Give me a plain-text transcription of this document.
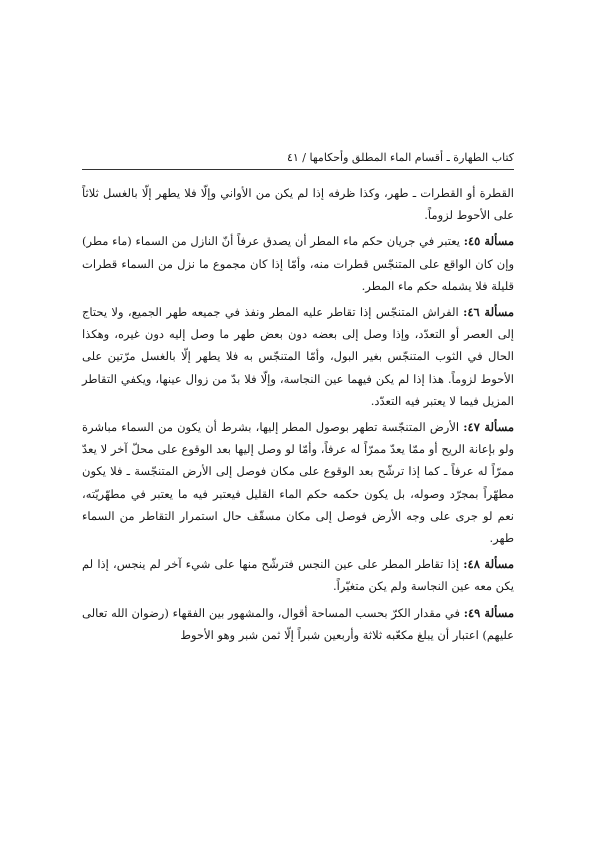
كتاب الطهارة ـ أقسام الماء المطلق وأحكامها / ٤١

القطرة أو القطرات ـ طهر، وكذا ظرفه إذا لم يكن من الأواني وإلّا فلا يطهر إلّا بالغسل ثلاثاً على الأحوط لزوماً.

مسألة ٤٥: يعتبر في جريان حكم ماء المطر أن يصدق عرفاً أنّ النازل من السماء (ماء مطر) وإن كان الواقع على المتنجّس قطرات منه، وأمّا إذا كان مجموع ما نزل من السماء قطرات قليلة فلا يشمله حكم ماء المطر.

مسألة ٤٦: الفراش المتنجّس إذا تقاطر عليه المطر ونفذ في جميعه طهر الجميع، ولا يحتاج إلى العصر أو التعدّد، وإذا وصل إلى بعضه دون بعض طهر ما وصل إليه دون غيره، وهكذا الحال في الثوب المتنجّس بغير البول، وأمّا المتنجّس به فلا يطهر إلّا بالغسل مرّتين على الأحوط لزوماً. هذا إذا لم يكن فيهما عين النجاسة، وإلّا فلا بدّ من زوال عينها، ويكفي التقاطر المزيل فيما لا يعتبر فيه التعدّد.

مسألة ٤٧: الأرض المتنجّسة تطهر بوصول المطر إليها، بشرط أن يكون من السماء مباشرة ولو بإعانة الريح أو ممّا يعدّ ممرّاً له عرفاً، وأمّا لو وصل إليها بعد الوقوع على محلّ آخر لا يعدّ ممرّاً له عرفاً ـ كما إذا ترشّح بعد الوقوع على مكان فوصل إلى الأرض المتنجّسة ـ فلا يكون مطهّراً بمجرّد وصوله، بل يكون حكمه حكم الماء القليل فيعتبر فيه ما يعتبر في مطهّريّته، نعم لو جرى على وجه الأرض فوصل إلى مكان مسقّف حال استمرار التقاطر من السماء طهر.

مسألة ٤٨: إذا تقاطر المطر على عين النجس فترشّح منها على شيء آخر لم ينجس، إذا لم يكن معه عين النجاسة ولم يكن متغيّراً.

مسألة ٤٩: في مقدار الكرّ بحسب المساحة أقوال، والمشهور بين الفقهاء (رضوان الله تعالى عليهم) اعتبار أن يبلغ مكعّبه ثلاثة وأربعين شبراً إلّا ثمن شبر وهو الأحوط
